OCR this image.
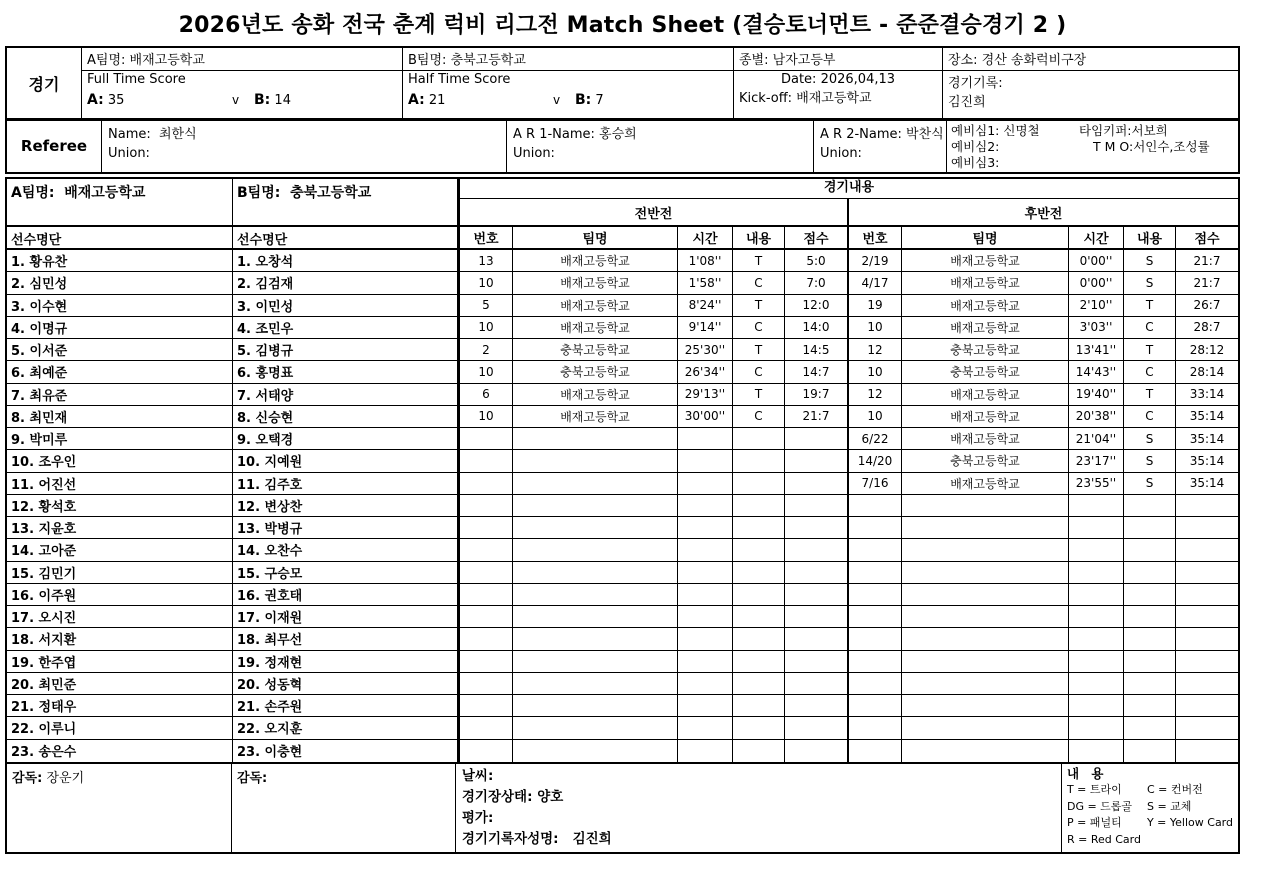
2026년도 송화 전국 춘계 럭비 리그전 Match Sheet (결승토너먼트 - 준준결승경기 2 )
경기
A팀명: 배재고등학교	B팀명: 충북고등학교	종별: 남자고등부	장소: 경산 송화럭비구장
Full Time Score
A: 35	v	B: 14
Half Time Score
A: 21	v	B: 7
Date: 2026,04,13
Kick-off: 배재고등학교
경기기록:
김진희
Referee
Name: 최한식
Union:
A R 1-Name: 홍승희
Union:
A R 2-Name: 박찬식
Union:
예비심1: 신명철
예비심2:
예비심3:
타임키퍼:서보희
T M O:서인수,조성률
A팀명: 배재고등학교
선수명단
1. 황유찬
2. 심민성
3. 이수현
4. 이명규
5. 이서준
6. 최예준
7. 최유준
8. 최민재
9. 박미루
10. 조우인
11. 어진선
12. 황석호
13. 지윤호
14. 고아준
15. 김민기
16. 이주원
17. 오시진
18. 서지환
19. 한주엽
20. 최민준
21. 정태우
22. 이루니
23. 송은수
B팀명: 충북고등학교
선수명단
1. 오창석
2. 김검재
3. 이민성
4. 조민우
5. 김병규
6. 홍명표
7. 서태양
8. 신승현
9. 오택경
10. 지예원
11. 김주호
12. 변상찬
13. 박병규
14. 오찬수
15. 구승모
16. 권호태
17. 이재원
18. 최무선
19. 정재현
20. 성동혁
21. 손주원
22. 오지훈
23. 이충현
경기내용
전반전	후반전
번호	팀명	시간	내용	점수
13	배재고등학교	1'08''	T	5:0
10	배재고등학교	1'58''	C	7:0
5	배재고등학교	8'24''	T	12:0
10	배재고등학교	9'14''	C	14:0
2	충북고등학교	25'30''	T	14:5
10	충북고등학교	26'34''	C	14:7
6	배재고등학교	29'13''	T	19:7
10	배재고등학교	30'00''	C	21:7
번호	팀명	시간	내용	점수
2/19	배재고등학교	0'00''	S	21:7
4/17	배재고등학교	0'00''	S	21:7
19	배재고등학교	2'10''	T	26:7
10	배재고등학교	3'03''	C	28:7
12	충북고등학교	13'41''	T	28:12
10	충북고등학교	14'43''	C	28:14
12	배재고등학교	19'40''	T	33:14
10	배재고등학교	20'38''	C	35:14
6/22	배재고등학교	21'04''	S	35:14
14/20	충북고등학교	23'17''	S	35:14
7/16	배재고등학교	23'55''	S	35:14
감독: 장운기	감독:	날씨:
경기장상태: 양호
평가:
경기기록자성명: 김진희
내 용
T = 트라이	C = 컨버전
DG = 드롭골	S = 교체
P = 패널티	Y = Yellow Card
R = Red Card
